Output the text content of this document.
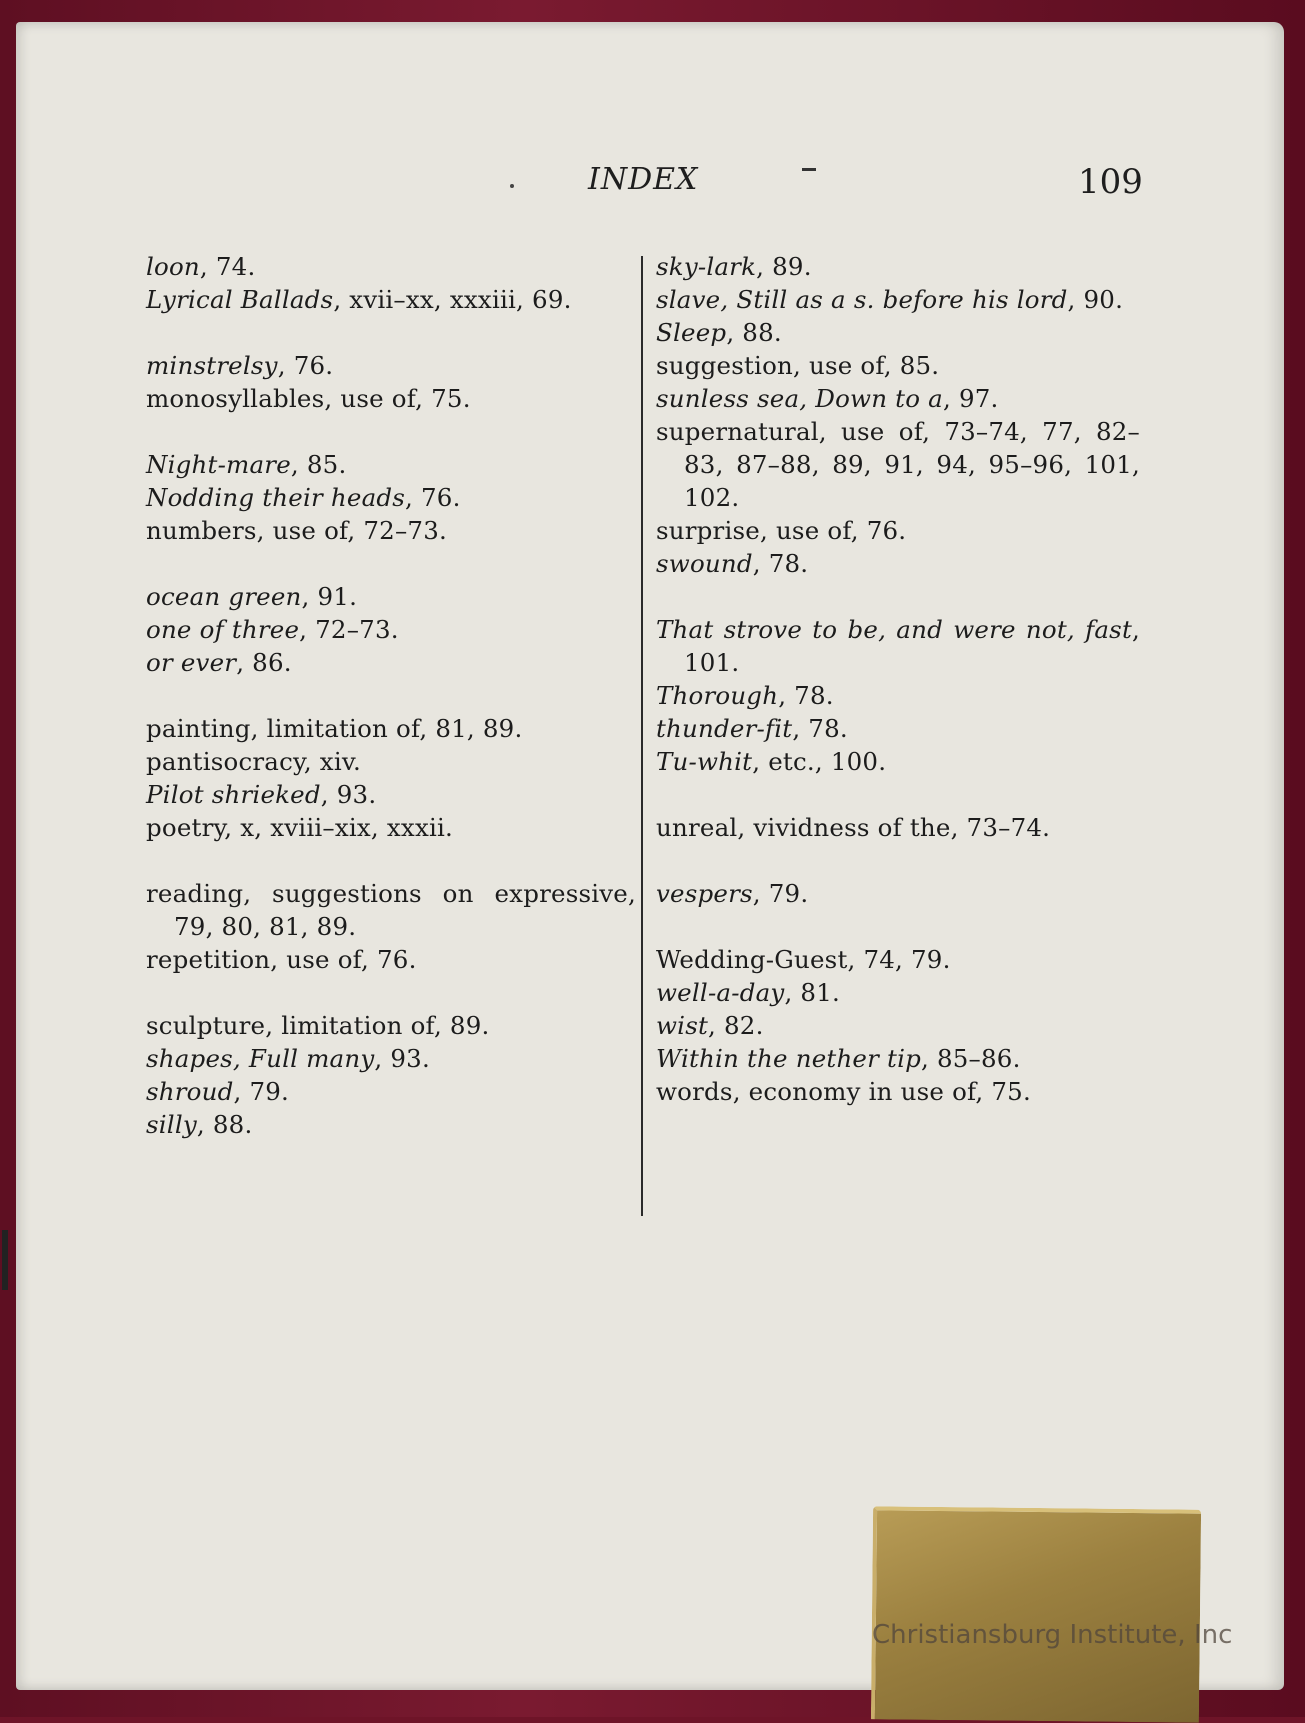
INDEX	109
loon, 74.
Lyrical Ballads, xvii–xx, xxxiii, 69.
minstrelsy, 76.
monosyllables, use of, 75.
Night-mare, 85.
Nodding their heads, 76.
numbers, use of, 72–73.
ocean green, 91.
one of three, 72–73.
or ever, 86.
painting, limitation of, 81, 89.
pantisocracy, xiv.
Pilot shrieked, 93.
poetry, x, xviii–xix, xxxii.
reading, suggestions on expressive, 79, 80, 81, 89.
repetition, use of, 76.
sculpture, limitation of, 89.
shapes, Full many, 93.
shroud, 79.
silly, 88.
sky-lark, 89.
slave, Still as a s. before his lord, 90.
Sleep, 88.
suggestion, use of, 85.
sunless sea, Down to a, 97.
supernatural, use of, 73–74, 77, 82–83, 87–88, 89, 91, 94, 95–96, 101, 102.
surprise, use of, 76.
swound, 78.
That strove to be, and were not, fast, 101.
Thorough, 78.
thunder-fit, 78.
Tu-whit, etc., 100.
unreal, vividness of the, 73–74.
vespers, 79.
Wedding-Guest, 74, 79.
well-a-day, 81.
wist, 82.
Within the nether tip, 85–86.
words, economy in use of, 75.
Christiansburg Institute, Inc
